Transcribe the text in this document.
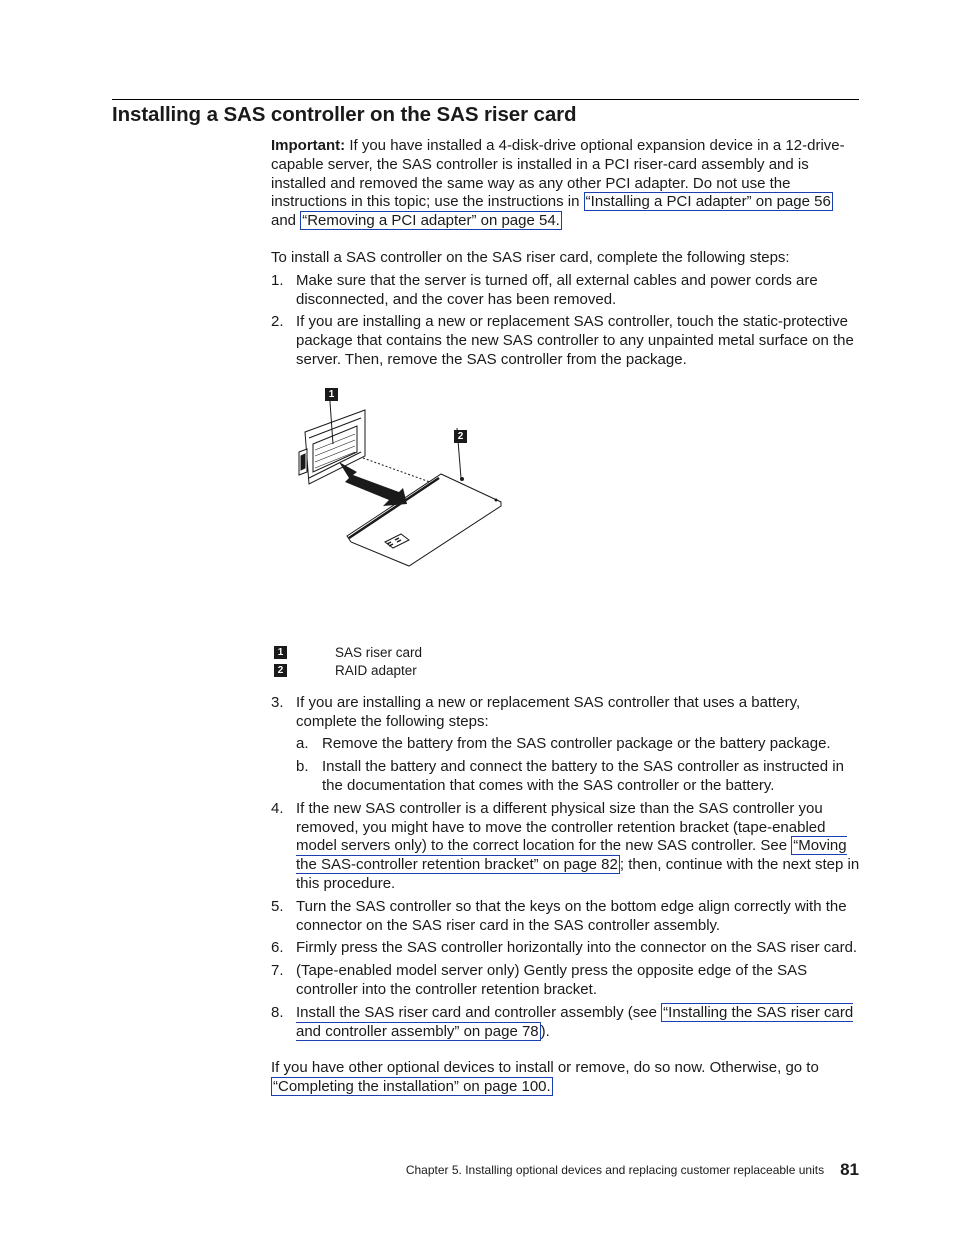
Installing a SAS controller on the SAS riser card

Important: If you have installed a 4-disk-drive optional expansion device in a 12-drive-capable server, the SAS controller is installed in a PCI riser-card assembly and is installed and removed the same way as any other PCI adapter. Do not use the instructions in this topic; use the instructions in “Installing a PCI adapter” on page 56 and “Removing a PCI adapter” on page 54.

To install a SAS controller on the SAS riser card, complete the following steps:

1. Make sure that the server is turned off, all external cables and power cords are disconnected, and the cover has been removed.
2. If you are installing a new or replacement SAS controller, touch the static-protective package that contains the new SAS controller to any unpainted metal surface on the server. Then, remove the SAS controller from the package.
1
2
1	SAS riser card
2	RAID adapter
3. If you are installing a new or replacement SAS controller that uses a battery, complete the following steps:
a. Remove the battery from the SAS controller package or the battery package.
b. Install the battery and connect the battery to the SAS controller as instructed in the documentation that comes with the SAS controller or the battery.
4. If the new SAS controller is a different physical size than the SAS controller you removed, you might have to move the controller retention bracket (tape-enabled model servers only) to the correct location for the new SAS controller. See “Moving the SAS-controller retention bracket” on page 82 ; then, continue with the next step in this procedure.
5. Turn the SAS controller so that the keys on the bottom edge align correctly with the connector on the SAS riser card in the SAS controller assembly.
6. Firmly press the SAS controller horizontally into the connector on the SAS riser card.
7. (Tape-enabled model server only) Gently press the opposite edge of the SAS controller into the controller retention bracket.
8. Install the SAS riser card and controller assembly (see “Installing the SAS riser card and controller assembly” on page 78 ).

If you have other optional devices to install or remove, do so now. Otherwise, go to “Completing the installation” on page 100.

Chapter 5. Installing optional devices and replacing customer replaceable units 81
